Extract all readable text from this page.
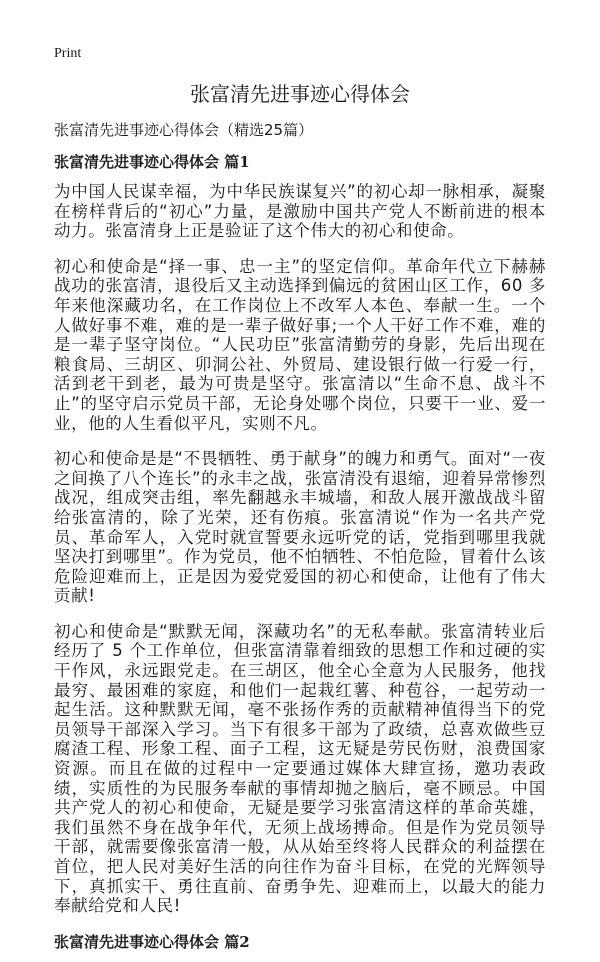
Print
张富清先进事迹心得体会
张富清先进事迹心得体会（精选25篇）
张富清先进事迹心得体会 篇1

为中国人民谋幸福，为中华民族谋复兴”的初心却一脉相承，凝聚在榜样背后的“初心”力量，是激励中国共产党人不断前进的根本动力。张富清身上正是验证了这个伟大的初心和使命。

初心和使命是“择一事、忠一主”的坚定信仰。革命年代立下赫赫战功的张富清，退役后又主动选择到偏远的贫困山区工作，60 多年来他深藏功名，在工作岗位上不改军人本色、奉献一生。一个人做好事不难，难的是一辈子做好事;一个人干好工作不难，难的是一辈子坚守岗位。“人民功臣”张富清勤劳的身影，先后出现在粮食局、三胡区、卯洞公社、外贸局、建设银行做一行爱一行，活到老干到老，最为可贵是坚守。张富清以“生命不息、战斗不止”的坚守启示党员干部，无论身处哪个岗位，只要干一业、爱一业，他的人生看似平凡，实则不凡。

初心和使命是是“不畏牺牲、勇于献身”的魄力和勇气。面对“一夜之间换了八个连长”的永丰之战，张富清没有退缩，迎着异常惨烈战况，组成突击组，率先翻越永丰城墙，和敌人展开激战战斗留给张富清的，除了光荣，还有伤痕。张富清说“作为一名共产党员、革命军人，入党时就宣誓要永远听党的话，党指到哪里我就坚决打到哪里”。作为党员，他不怕牺牲、不怕危险，冒着什么该危险迎难而上，正是因为爱党爱国的初心和使命，让他有了伟大贡献!

初心和使命是“默默无闻，深藏功名”的无私奉献。张富清转业后经历了 5 个工作单位，但张富清靠着细致的思想工作和过硬的实干作风，永远跟党走。在三胡区，他全心全意为人民服务，他找最穷、最困难的家庭，和他们一起栽红薯、种苞谷，一起劳动一起生活。这种默默无闻，毫不张扬作秀的贡献精神值得当下的党员领导干部深入学习。当下有很多干部为了政绩，总喜欢做些豆腐渣工程、形象工程、面子工程，这无疑是劳民伤财，浪费国家资源。而且在做的过程中一定要通过媒体大肆宣扬，邀功表政绩，实质性的为民服务奉献的事情却抛之脑后，毫不顾忌。中国共产党人的初心和使命，无疑是要学习张富清这样的革命英雄，我们虽然不身在战争年代，无须上战场搏命。但是作为党员领导干部，就需要像张富清一般，从从始至终将人民群众的利益摆在首位，把人民对美好生活的向往作为奋斗目标，在党的光辉领导下，真抓实干、勇往直前、奋勇争先、迎难而上，以最大的能力奉献给党和人民!

张富清先进事迹心得体会 篇2
